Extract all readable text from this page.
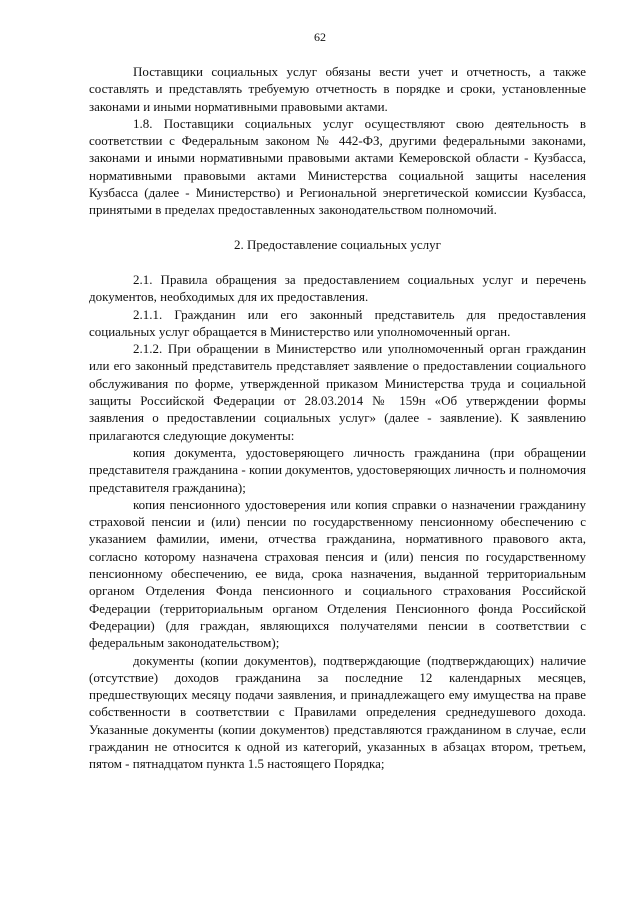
62

Поставщики социальных услуг обязаны вести учет и отчетность, а также составлять и представлять требуемую отчетность в порядке и сроки, установленные законами и иными нормативными правовыми актами.

1.8. Поставщики социальных услуг осуществляют свою деятельность в соответствии с Федеральным законом № 442-ФЗ, другими федеральными законами, законами и иными нормативными правовыми актами Кемеровской области - Кузбасса, нормативными правовыми актами Министерства социальной защиты населения Кузбасса (далее - Министерство) и Региональной энергетической комиссии Кузбасса, принятыми в пределах предоставленных законодательством полномочий.

2. Предоставление социальных услуг

2.1. Правила обращения за предоставлением социальных услуг и перечень документов, необходимых для их предоставления.

2.1.1. Гражданин или его законный представитель для предоставления социальных услуг обращается в Министерство или уполномоченный орган.

2.1.2. При обращении в Министерство или уполномоченный орган гражданин или его законный представитель представляет заявление о предоставлении социального обслуживания по форме, утвержденной приказом Министерства труда и социальной защиты Российской Федерации от 28.03.2014 № 159н «Об утверждении формы заявления о предоставлении социальных услуг» (далее - заявление). К заявлению прилагаются следующие документы:

копия документа, удостоверяющего личность гражданина (при обращении представителя гражданина - копии документов, удостоверяющих личность и полномочия представителя гражданина);

копия пенсионного удостоверения или копия справки о назначении гражданину страховой пенсии и (или) пенсии по государственному пенсионному обеспечению с указанием фамилии, имени, отчества гражданина, нормативного правового акта, согласно которому назначена страховая пенсия и (или) пенсия по государственному пенсионному обеспечению, ее вида, срока назначения, выданной территориальным органом Отделения Фонда пенсионного и социального страхования Российской Федерации (территориальным органом Отделения Пенсионного фонда Российской Федерации) (для граждан, являющихся получателями пенсии в соответствии с федеральным законодательством);

документы (копии документов), подтверждающие (подтверждающих) наличие (отсутствие) доходов гражданина за последние 12 календарных месяцев, предшествующих месяцу подачи заявления, и принадлежащего ему имущества на праве собственности в соответствии с Правилами определения среднедушевого дохода. Указанные документы (копии документов) представляются гражданином в случае, если гражданин не относится к одной из категорий, указанных в абзацах втором, третьем, пятом - пятнадцатом пункта 1.5 настоящего Порядка;
